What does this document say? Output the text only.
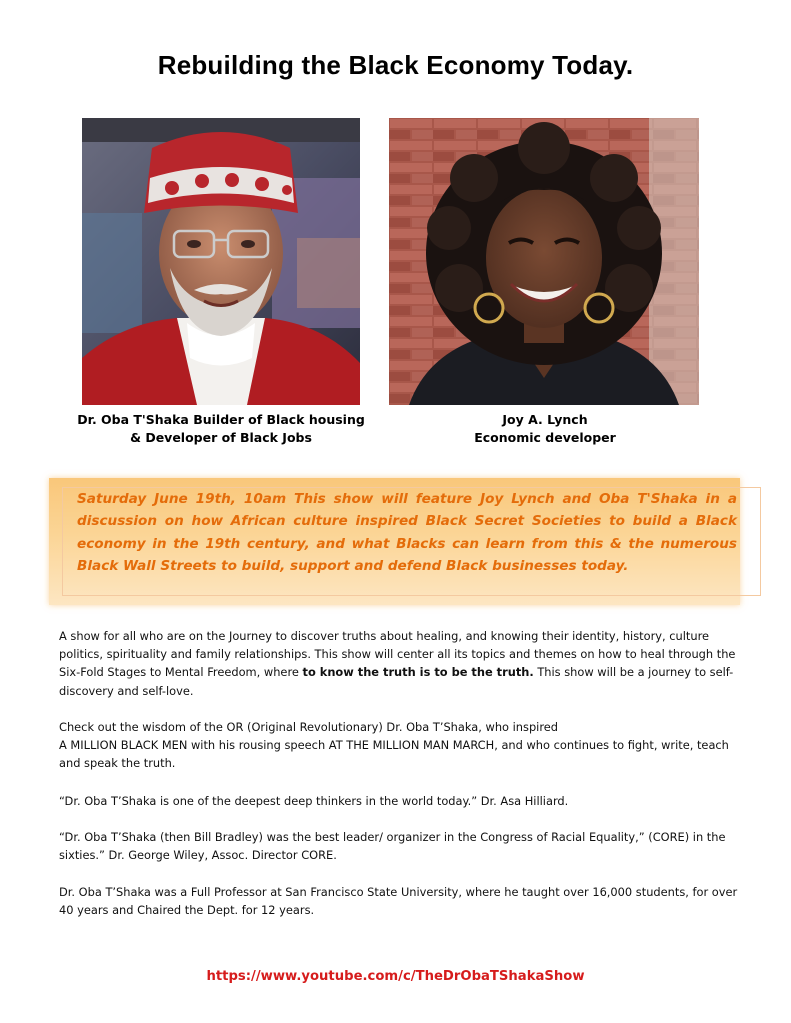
Rebuilding the Black Economy Today.
Dr. Oba T'Shaka Builder of Black housing
& Developer of Black Jobs
Joy A. Lynch
Economic developer
Saturday June 19th, 10am This show will feature Joy Lynch and Oba T'Shaka in a discussion on how African culture inspired Black Secret Societies to build a Black economy in the 19th century, and what Blacks can learn from this & the numerous Black Wall Streets to build, support and defend Black businesses today.
A show for all who are on the Journey to discover truths about healing, and knowing their identity, history, culture politics, spirituality and family relationships. This show will center all its topics and themes on how to heal through the Six-Fold Stages to Mental Freedom, where to know the truth is to be the truth. This show will be a journey to self-discovery and self-love.
Check out the wisdom of the OR (Original Revolutionary) Dr. Oba T’Shaka, who inspired
A MILLION BLACK MEN with his rousing speech AT THE MILLION MAN MARCH, and who continues to fight, write, teach and speak the truth.
“Dr. Oba T’Shaka is one of the deepest deep thinkers in the world today.” Dr. Asa Hilliard.
“Dr. Oba T’Shaka (then Bill Bradley) was the best leader/ organizer in the Congress of Racial Equality,” (CORE) in the sixties.” Dr. George Wiley, Assoc. Director CORE.
Dr. Oba T’Shaka was a Full Professor at San Francisco State University, where he taught over 16,000 students, for over 40 years and Chaired the Dept. for 12 years.
https://www.youtube.com/c/TheDrObaTShakaShow
